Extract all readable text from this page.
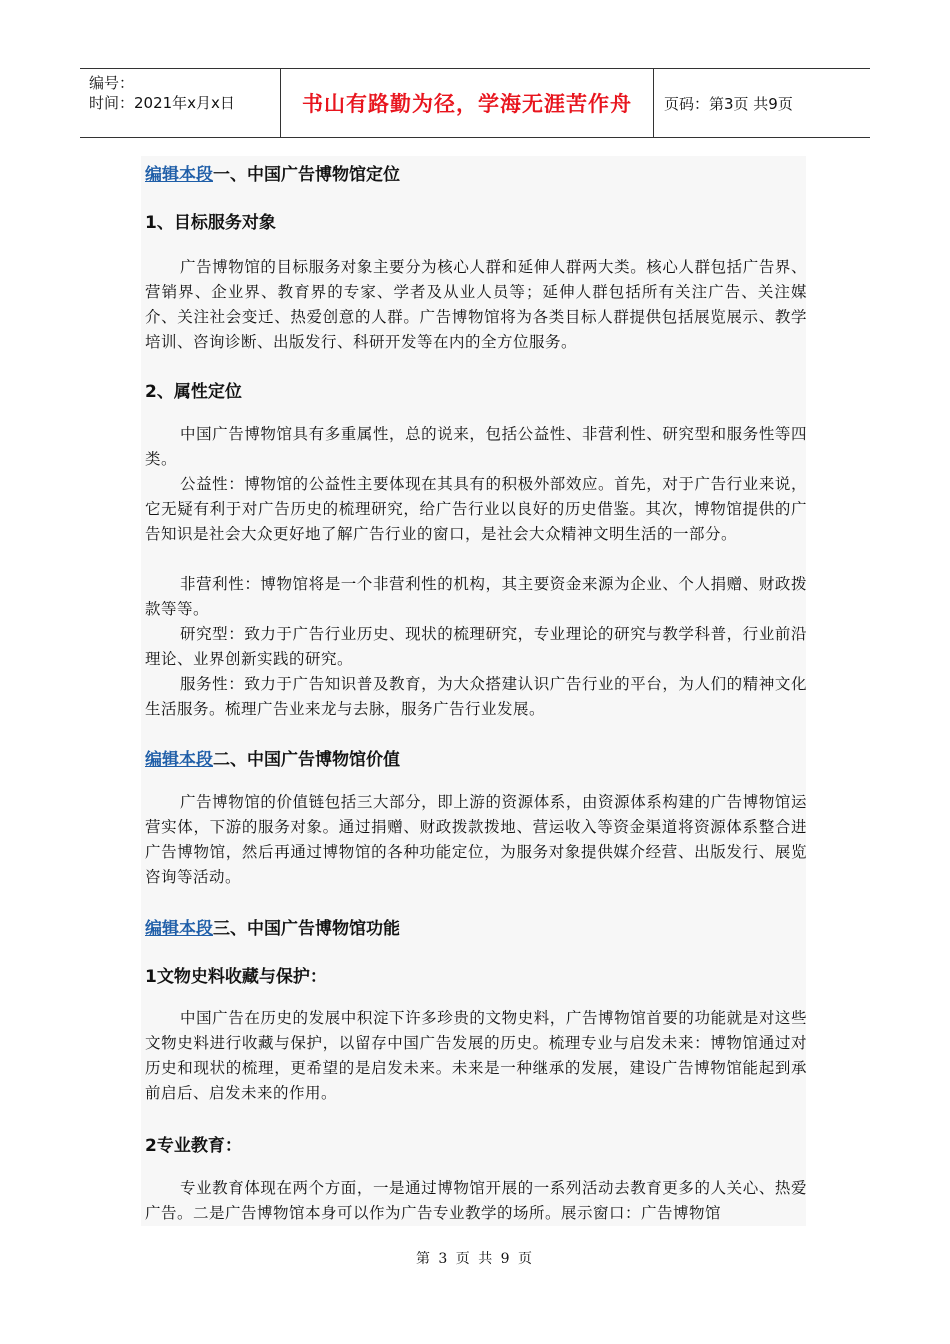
编号：
时间：2021年x月x日	书山有路勤为径，学海无涯苦作舟	页码：第3页 共9页
编辑本段一、中国广告博物馆定位
1、目标服务对象
广告博物馆的目标服务对象主要分为核心人群和延伸人群两大类。核心人群包括广告界、营销界、企业界、教育界的专家、学者及从业人员等；延伸人群包括所有关注广告、关注媒介、关注社会变迁、热爱创意的人群。广告博物馆将为各类目标人群提供包括展览展示、教学培训、咨询诊断、出版发行、科研开发等在内的全方位服务。
2、属性定位
中国广告博物馆具有多重属性，总的说来，包括公益性、非营利性、研究型和服务性等四类。
公益性：博物馆的公益性主要体现在其具有的积极外部效应。首先，对于广告行业来说，它无疑有利于对广告历史的梳理研究，给广告行业以良好的历史借鉴。其次，博物馆提供的广告知识是社会大众更好地了解广告行业的窗口，是社会大众精神文明生活的一部分。
非营利性：博物馆将是一个非营利性的机构，其主要资金来源为企业、个人捐赠、财政拨款等等。
研究型：致力于广告行业历史、现状的梳理研究，专业理论的研究与教学科普，行业前沿理论、业界创新实践的研究。
服务性：致力于广告知识普及教育，为大众搭建认识广告行业的平台，为人们的精神文化生活服务。梳理广告业来龙与去脉，服务广告行业发展。
编辑本段二、中国广告博物馆价值
广告博物馆的价值链包括三大部分，即上游的资源体系，由资源体系构建的广告博物馆运营实体，下游的服务对象。通过捐赠、财政拨款拨地、营运收入等资金渠道将资源体系整合进广告博物馆，然后再通过博物馆的各种功能定位，为服务对象提供媒介经营、出版发行、展览咨询等活动。
编辑本段三、中国广告博物馆功能
1文物史料收藏与保护：
中国广告在历史的发展中积淀下许多珍贵的文物史料，广告博物馆首要的功能就是对这些文物史料进行收藏与保护，以留存中国广告发展的历史。梳理专业与启发未来：博物馆通过对历史和现状的梳理，更希望的是启发未来。未来是一种继承的发展，建设广告博物馆能起到承前启后、启发未来的作用。
2专业教育：
专业教育体现在两个方面，一是通过博物馆开展的一系列活动去教育更多的人关心、热爱广告。二是广告博物馆本身可以作为广告专业教学的场所。展示窗口：广告博物馆
第 3 页 共 9 页
